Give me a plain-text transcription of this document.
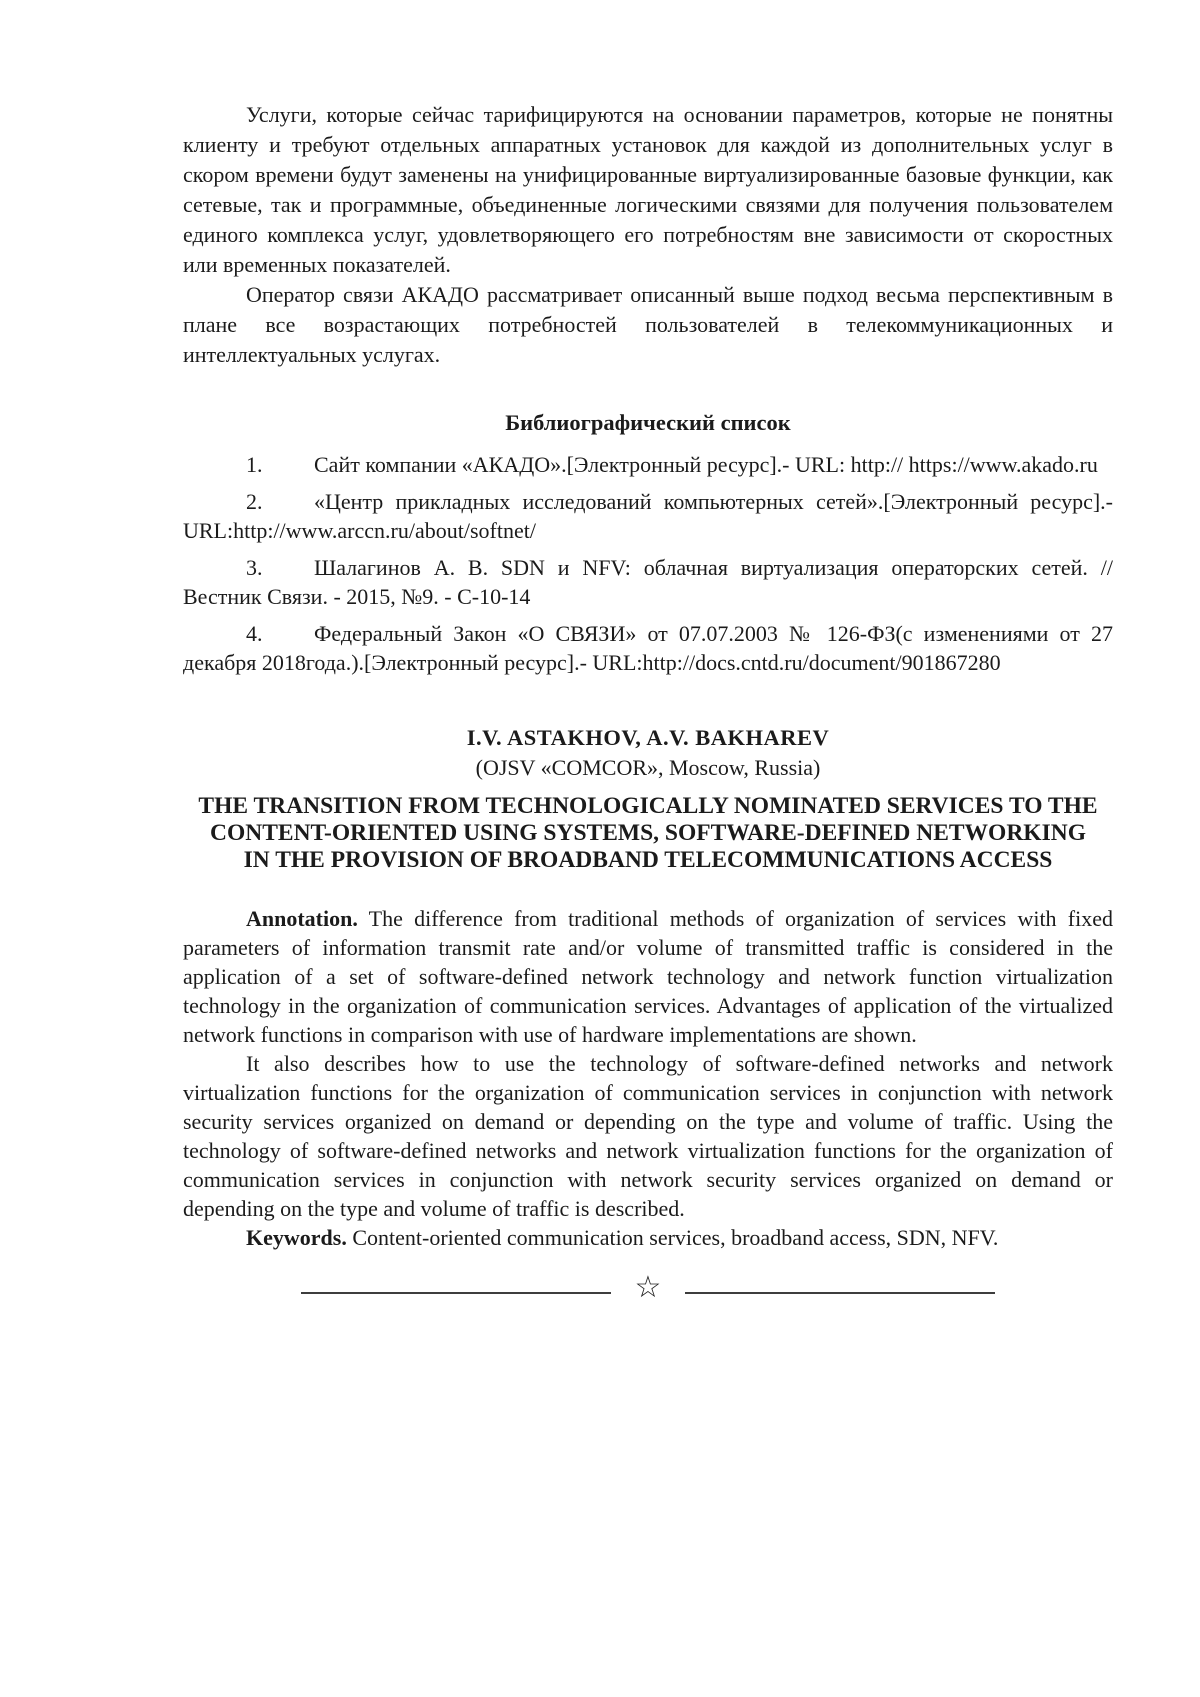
Услуги, которые сейчас тарифицируются на основании параметров, которые не понятны клиенту и требуют отдельных аппаратных установок для каждой из дополнительных услуг в скором времени будут заменены на унифицированные виртуализированные базовые функции, как сетевые, так и программные, объединенные логическими связями для получения пользователем единого комплекса услуг, удовлетворяющего его потребностям вне зависимости от скоростных или временных показателей.

Оператор связи АКАДО рассматривает описанный выше подход весьма перспективным в плане все возрастающих потребностей пользователей в телекоммуникационных и интеллектуальных услугах.

Библиографический список

1. Сайт компании «АКАДО».[Электронный ресурс].- URL: http:// https://www.akado.ru

2. «Центр прикладных исследований компьютерных сетей».[Электронный ресурс].- URL:http://www.arccn.ru/about/softnet/

3. Шалагинов А. В. SDN и NFV: облачная виртуализация операторских сетей. // Вестник Связи. - 2015, №9. - С-10-14

4. Федеральный Закон «О СВЯЗИ» от 07.07.2003 № 126-ФЗ(с изменениями от 27 декабря 2018года.).[Электронный ресурс].- URL:http://docs.cntd.ru/document/901867280

I.V. ASTAKHOV, A.V. BAKHAREV
(OJSV «COMCOR», Moscow, Russia)
THE TRANSITION FROM TECHNOLOGICALLY NOMINATED SERVICES TO THE
CONTENT-ORIENTED USING SYSTEMS, SOFTWARE-DEFINED NETWORKING
IN THE PROVISION OF BROADBAND TELECOMMUNICATIONS ACCESS

Annotation. The difference from traditional methods of organization of services with fixed parameters of information transmit rate and/or volume of transmitted traffic is considered in the application of a set of software-defined network technology and network function virtualization technology in the organization of communication services. Advantages of application of the virtualized network functions in comparison with use of hardware implementations are shown.

It also describes how to use the technology of software-defined networks and network virtualization functions for the organization of communication services in conjunction with network security services organized on demand or depending on the type and volume of traffic. Using the technology of software-defined networks and network virtualization functions for the organization of communication services in conjunction with network security services organized on demand or depending on the type and volume of traffic is described.

Keywords. Content-oriented communication services, broadband access, SDN, NFV.

☆
